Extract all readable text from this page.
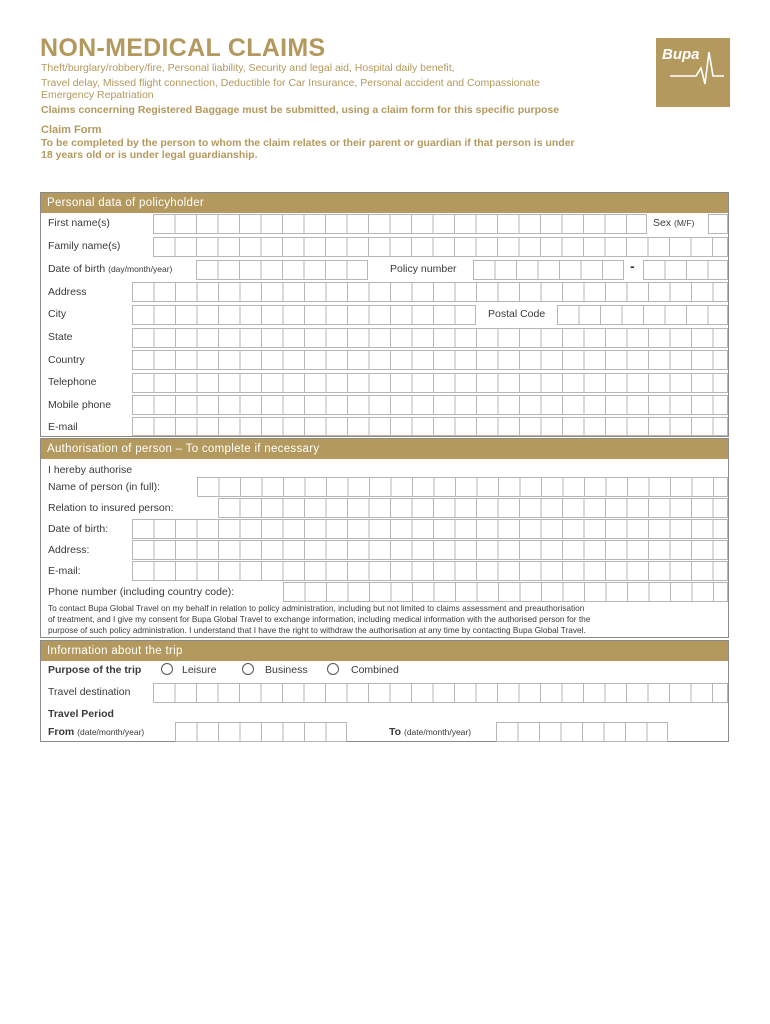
NON-MEDICAL CLAIMS
Theft/burglary/robbery/fire, Personal liability, Security and legal aid, Hospital daily benefit,
Travel delay, Missed flight connection, Deductible for Car Insurance, Personal accident and Compassionate
Emergency Repatriation
Claims concerning Registered Baggage must be submitted, using a claim form for this specific purpose
Claim Form
To be completed by the person to whom the claim relates or their parent or guardian if that person is under
18 years old or is under legal guardianship.
Bupa
Personal data of policyholder
First name(s)	Sex (M/F)
Family name(s)
Date of birth (day/month/year)	Policy number	-
Address
City	Postal Code
State
Country
Telephone
Mobile phone
E-mail
Authorisation of person – To complete if necessary
I hereby authorise
Name of person (in full):
Relation to insured person:
Date of birth:
Address:
E-mail:
Phone number (including country code):
To contact Bupa Global Travel on my behalf in relation to policy administration, including but not limited to claims assessment and preauthorisation
of treatment, and I give my consent for Bupa Global Travel to exchange information, including medical information with the authorised person for the
purpose of such policy administration. I understand that I have the right to withdraw the authorisation at any time by contacting Bupa Global Travel.
Information about the trip
Purpose of the trip	Leisure	Business	Combined
Travel destination
Travel Period
From (date/month/year)	To (date/month/year)
